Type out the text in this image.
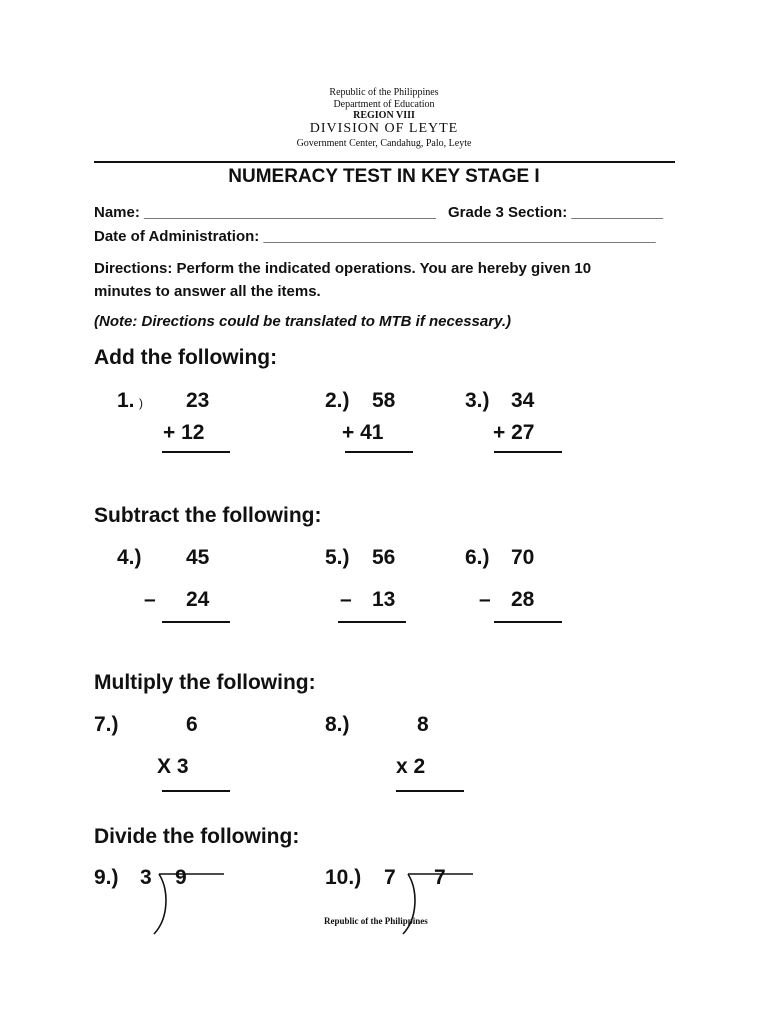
Republic of the Philippines
Department of Education
REGION VIII
DIVISION OF LEYTE
Government Center, Candahug, Palo, Leyte
NUMERACY TEST IN KEY STAGE I
Name: ___________________________________ Grade 3 Section: ___________
Date of Administration: _______________________________________________
Directions: Perform the indicated operations. You are hereby given 10
minutes to answer all the items.
(Note: Directions could be translated to MTB if necessary.)
Add the following:
1. ) 23
+ 12
2.) 58
+ 41
3.) 34
+ 27
Subtract the following:
4.) 45
– 24
5.) 56
– 13
6.) 70
– 28
Multiply the following:
7.)	6
X 3
8.)	8
x 2
Divide the following:
9.) 3 9	10.) 7 7
Republic of the Philippines
